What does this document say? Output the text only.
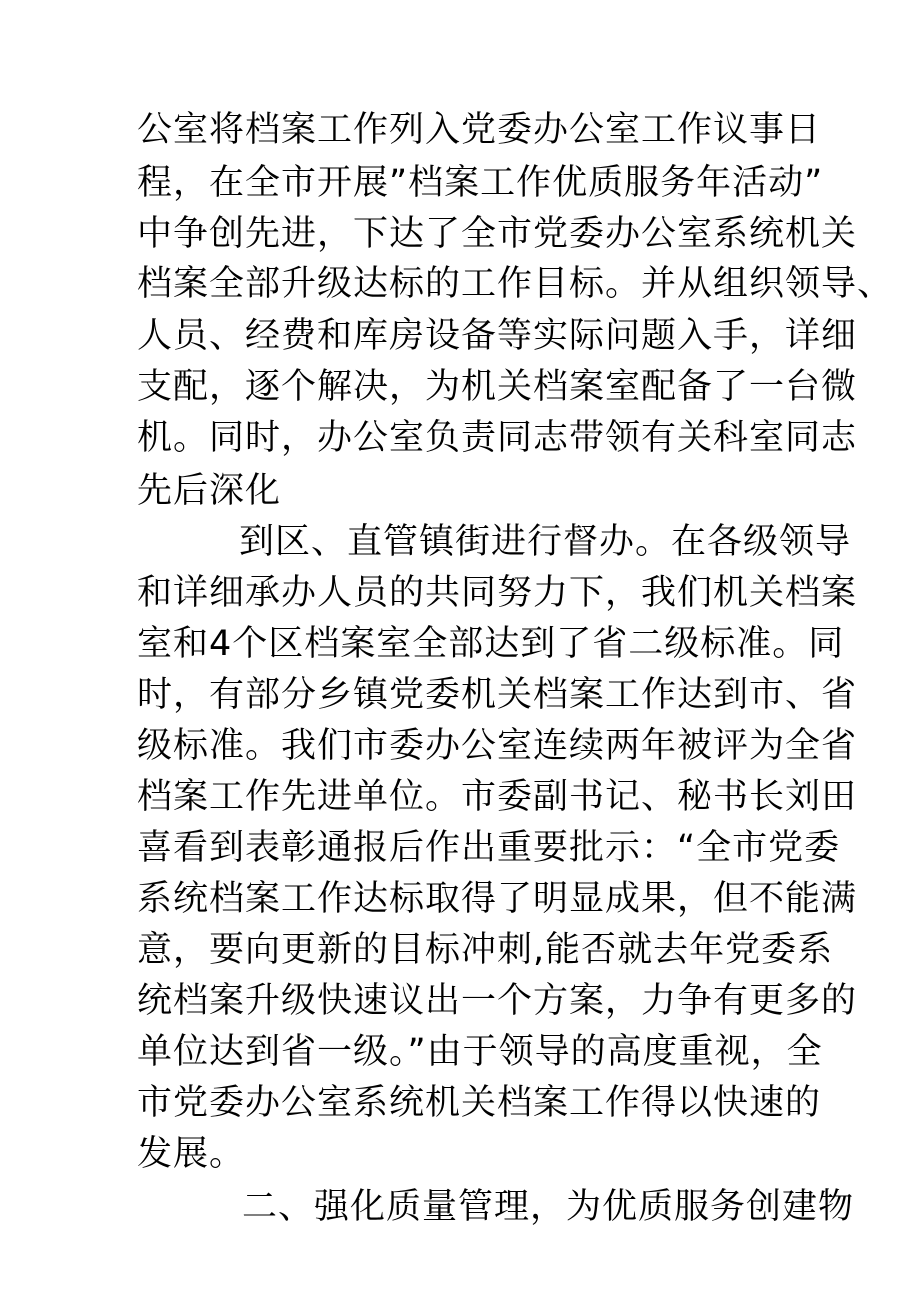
公室将档案工作列入党委办公室工作议事日
程，在全市开展”档案工作优质服务年活动”
中争创先进，下达了全市党委办公室系统机关
档案全部升级达标的工作目标。并从组织领导、
人员、经费和库房设备等实际问题入手，详细
支配，逐个解决，为机关档案室配备了一台微
机。同时，办公室负责同志带领有关科室同志
先后深化
到区、直管镇街进行督办。在各级领导
和详细承办人员的共同努力下，我们机关档案
室和4个区档案室全部达到了省二级标准。同
时，有部分乡镇党委机关档案工作达到市、省
级标准。我们市委办公室连续两年被评为全省
档案工作先进单位。市委副书记、秘书长刘田
喜看到表彰通报后作出重要批示：“全市党委
系统档案工作达标取得了明显成果，但不能满
意，要向更新的目标冲刺,能否就去年党委系
统档案升级快速议出一个方案，力争有更多的
单位达到省一级。”由于领导的高度重视，全
市党委办公室系统机关档案工作得以快速的
发展。
二、强化质量管理，为优质服务创建物
